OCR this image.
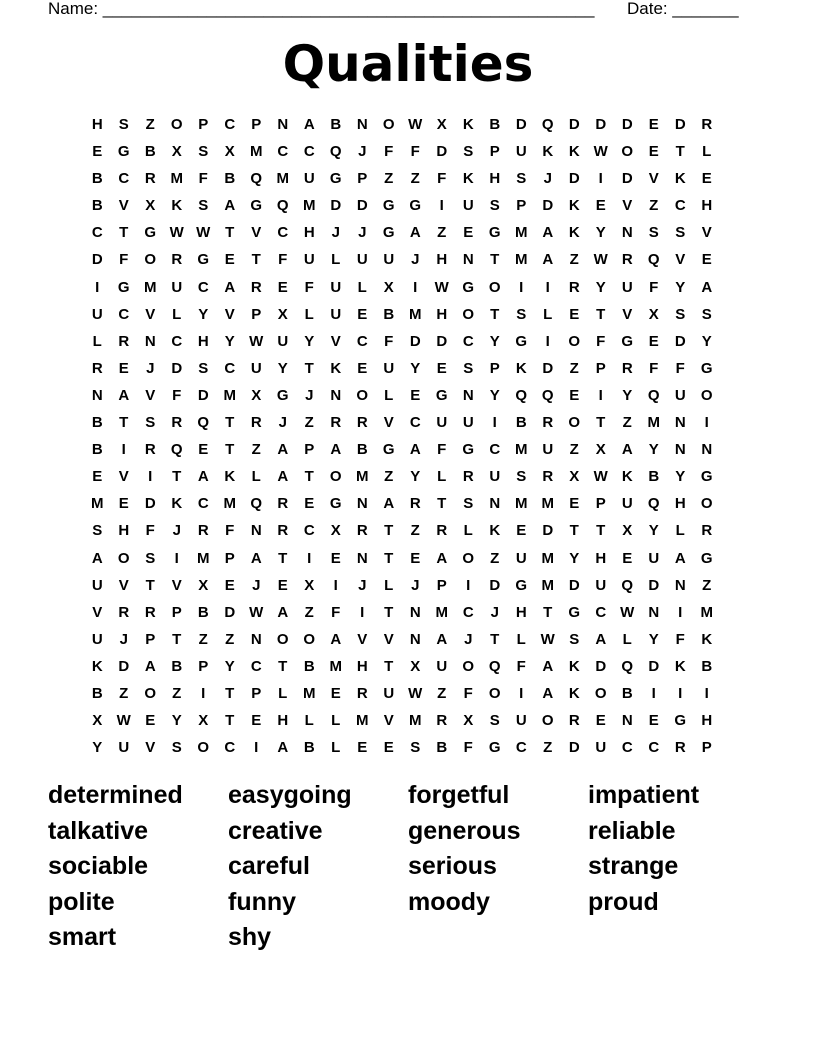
Name: ____________________________________________________ Date: _______
Qualities
H	S	Z	O	P	C	P	N	A	B	N	O W X	K	B	D	Q	D	D	D	E	D	R
E	G	B	X	S	X	M C	C	Q	J	F	F	D	S	P	U	K	K W O	E	T	L
B	C	R M	F	B	Q M U	G	P	Z	Z	F	K	H	S	J	D	I	D	V	K	E
B	V	X	K	S	A	G Q M D	D	G G	I	U	S	P	D	K	E	V	Z	C	H
C	T	G W W T	V	C	H	J	J	G	A	Z	E	G M A	K	Y	N	S	S	V
D	F	O	R	G	E	T	F	U	L	U	U	J	H	N	T	M A	Z W R	Q	V	E
I	G M U	C	A	R	E	F	U	L	X	I	W G O	I	I	R	Y	U	F	Y	A
U	C	V	L	Y	V	P	X	L	U	E	B M H	O	T	S	L	E	T	V	X	S	S
L	R	N	C	H	Y W U	Y	V	C	F	D	D	C	Y	G	I	O	F	G	E	D	Y
R	E	J	D	S	C	U	Y	T	K	E	U	Y	E	S	P	K	D	Z	P	R	F	F	G
N	A	V	F	D M	X	G	J	N	O	L	E	G	N	Y	Q Q	E	I	Y	Q	U	O
B	T	S	R	Q	T	R	J	Z	R	R	V	C	U	U	I	B	R	O	T	Z	M N	I
B	I	R	Q	E	T	Z	A	P	A	B	G	A	F	G	C M U	Z	X	A	Y	N	N
E	V	I	T	A	K	L	A	T	O M	Z	Y	L	R	U	S	R	X W K	B	Y	G
M	E	D	K	C M Q	R	E	G	N	A	R	T	S	N M M	E	P	U	Q	H	O
S	H	F	J	R	F	N	R	C	X	R	T	Z	R	L	K	E	D	T	T	X	Y	L	R
A	O	S	I	M	P	A	T	I	E	N	T	E	A	O	Z	U M	Y	H	E	U	A	G
U	V	T	V	X	E	J	E	X	I	J	L	J	P	I	D	G M D	U	Q	D	N	Z
V	R	R	P	B	D W A	Z	F	I	T	N M C	J	H	T	G	C W N	I	M
U	J	P	T	Z	Z	N	O O	A	V	V	N	A	J	T	L W S	A	L	Y	F	K
K	D	A	B	P	Y	C	T	B M H	T	X	U	O Q	F	A	K	D	Q	D	K	B
B	Z	O	Z	I	T	P	L	M	E	R	U W Z	F	O	I	A	K	O	B	I	I	I
X W E	Y	X	T	E	H	L	L	M	V	M R	X	S	U	O	R	E	N	E	G	H
Y	U	V	S	O	C	I	A	B	L	E	E	S	B	F	G	C	Z	D	U	C	C	R	P
determined	easygoing	forgetful	impatient
talkative	creative	generous	reliable
sociable	careful	serious	strange
polite	funny	moody	proud
smart	shy
